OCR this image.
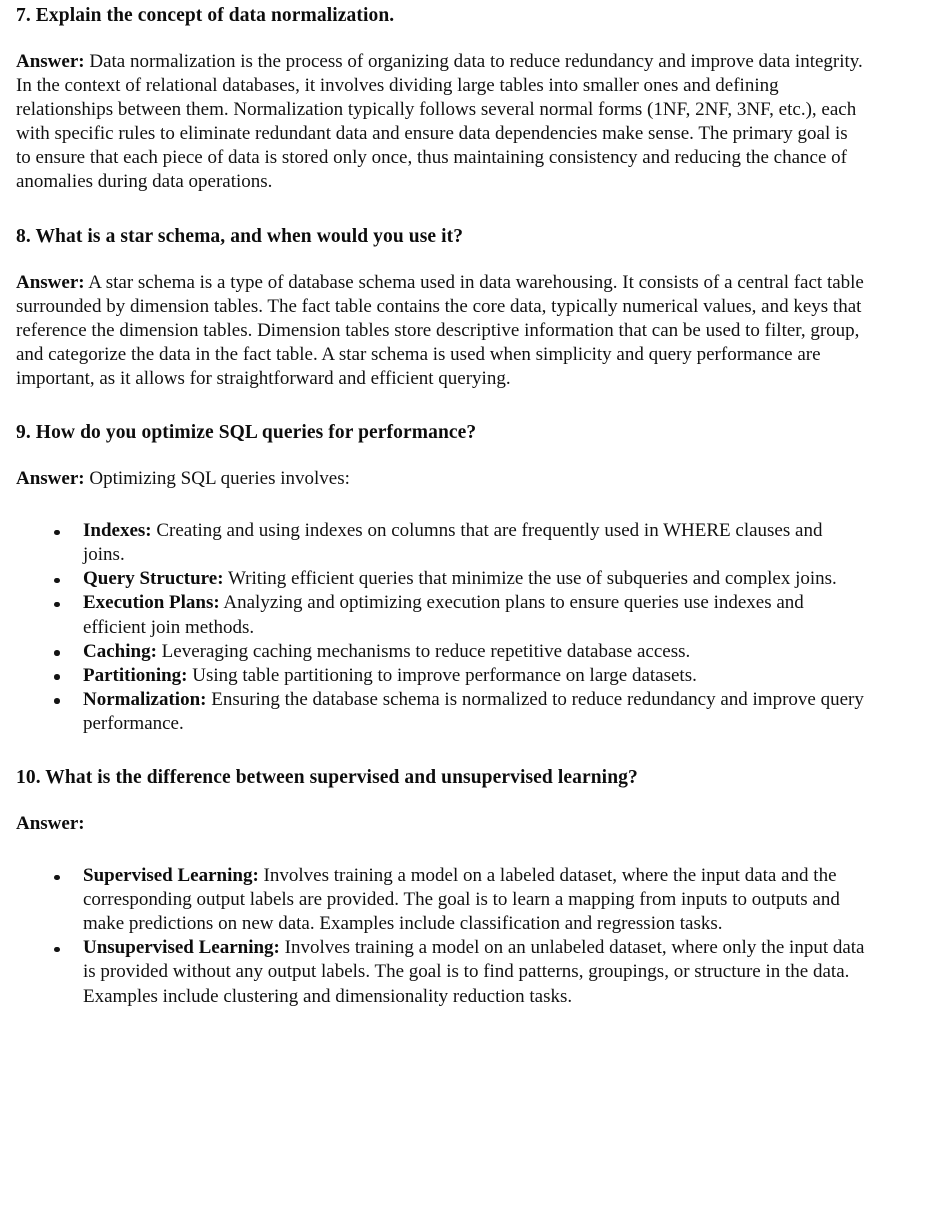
7. Explain the concept of data normalization.

Answer: Data normalization is the process of organizing data to reduce redundancy and improve data integrity. In the context of relational databases, it involves dividing large tables into smaller ones and defining relationships between them. Normalization typically follows several normal forms (1NF, 2NF, 3NF, etc.), each with specific rules to eliminate redundant data and ensure data dependencies make sense. The primary goal is to ensure that each piece of data is stored only once, thus maintaining consistency and reducing the chance of anomalies during data operations.

8. What is a star schema, and when would you use it?

Answer: A star schema is a type of database schema used in data warehousing. It consists of a central fact table surrounded by dimension tables. The fact table contains the core data, typically numerical values, and keys that reference the dimension tables. Dimension tables store descriptive information that can be used to filter, group, and categorize the data in the fact table. A star schema is used when simplicity and query performance are important, as it allows for straightforward and efficient querying.

9. How do you optimize SQL queries for performance?

Answer: Optimizing SQL queries involves:

Indexes: Creating and using indexes on columns that are frequently used in WHERE clauses and joins.
Query Structure: Writing efficient queries that minimize the use of subqueries and complex joins.
Execution Plans: Analyzing and optimizing execution plans to ensure queries use indexes and efficient join methods.
Caching: Leveraging caching mechanisms to reduce repetitive database access.
Partitioning: Using table partitioning to improve performance on large datasets.
Normalization: Ensuring the database schema is normalized to reduce redundancy and improve query performance.
10. What is the difference between supervised and unsupervised learning?

Answer:

Supervised Learning: Involves training a model on a labeled dataset, where the input data and the corresponding output labels are provided. The goal is to learn a mapping from inputs to outputs and make predictions on new data. Examples include classification and regression tasks.
Unsupervised Learning: Involves training a model on an unlabeled dataset, where only the input data is provided without any output labels. The goal is to find patterns, groupings, or structure in the data. Examples include clustering and dimensionality reduction tasks.
